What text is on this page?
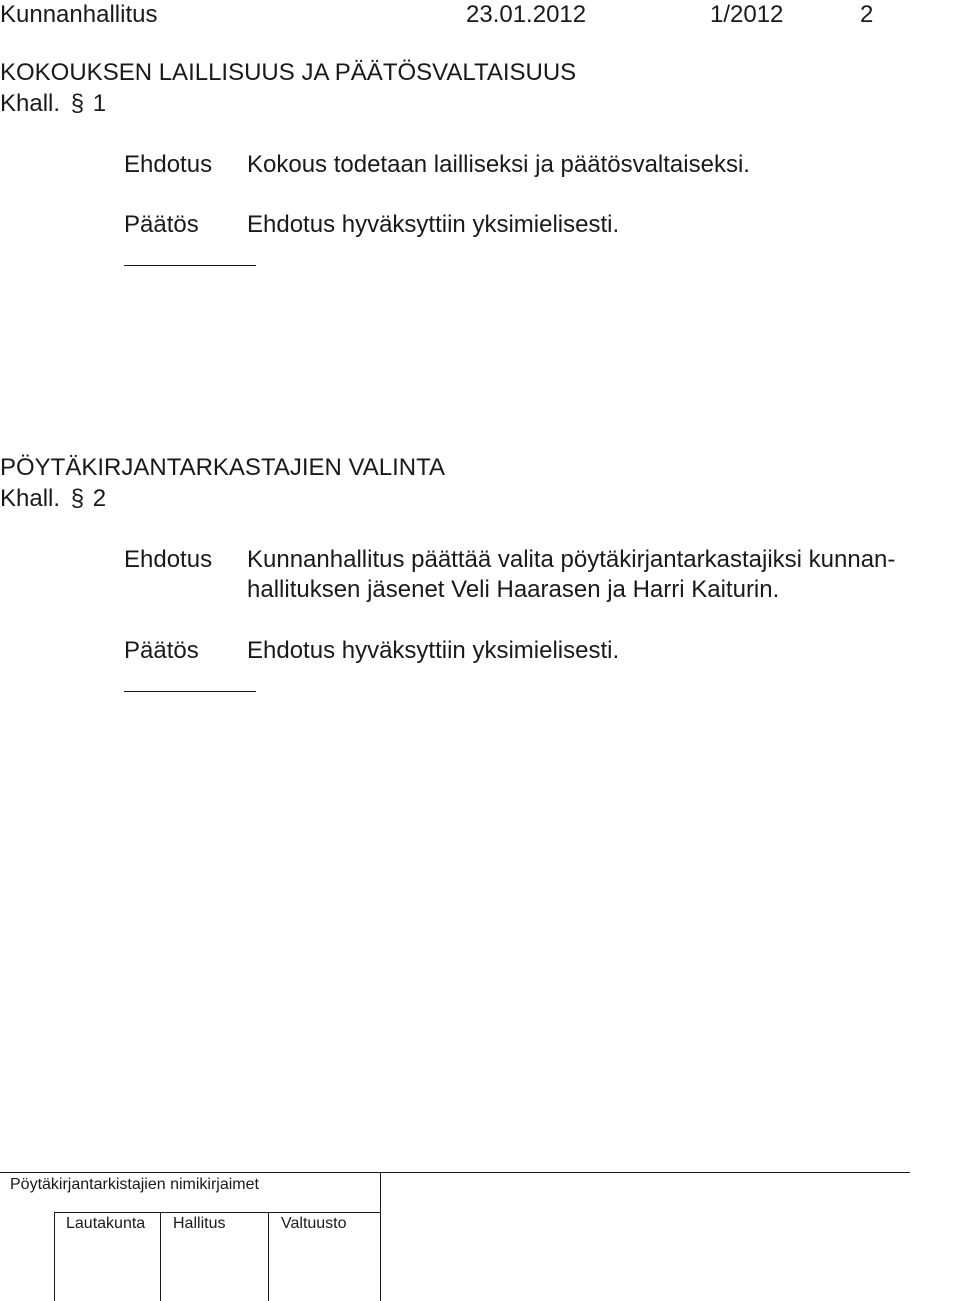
Kunnanhallitus	23.01.2012	1/2012	2
KOKOUKSEN LAILLISUUS JA PÄÄTÖSVALTAISUUS
Khall. § 1
Ehdotus Kokous todetaan lailliseksi ja päätösvaltaiseksi.
Päätös Ehdotus hyväksyttiin yksimielisesti.
PÖYTÄKIRJANTARKASTAJIEN VALINTA
Khall. § 2
Ehdotus Kunnanhallitus päättää valita pöytäkirjantarkastajiksi kunnan-
hallituksen jäsenet Veli Haarasen ja Harri Kaiturin.
Päätös Ehdotus hyväksyttiin yksimielisesti.
Pöytäkirjantarkistajien nimikirjaimet
Lautakunta Hallitus	Valtuusto
